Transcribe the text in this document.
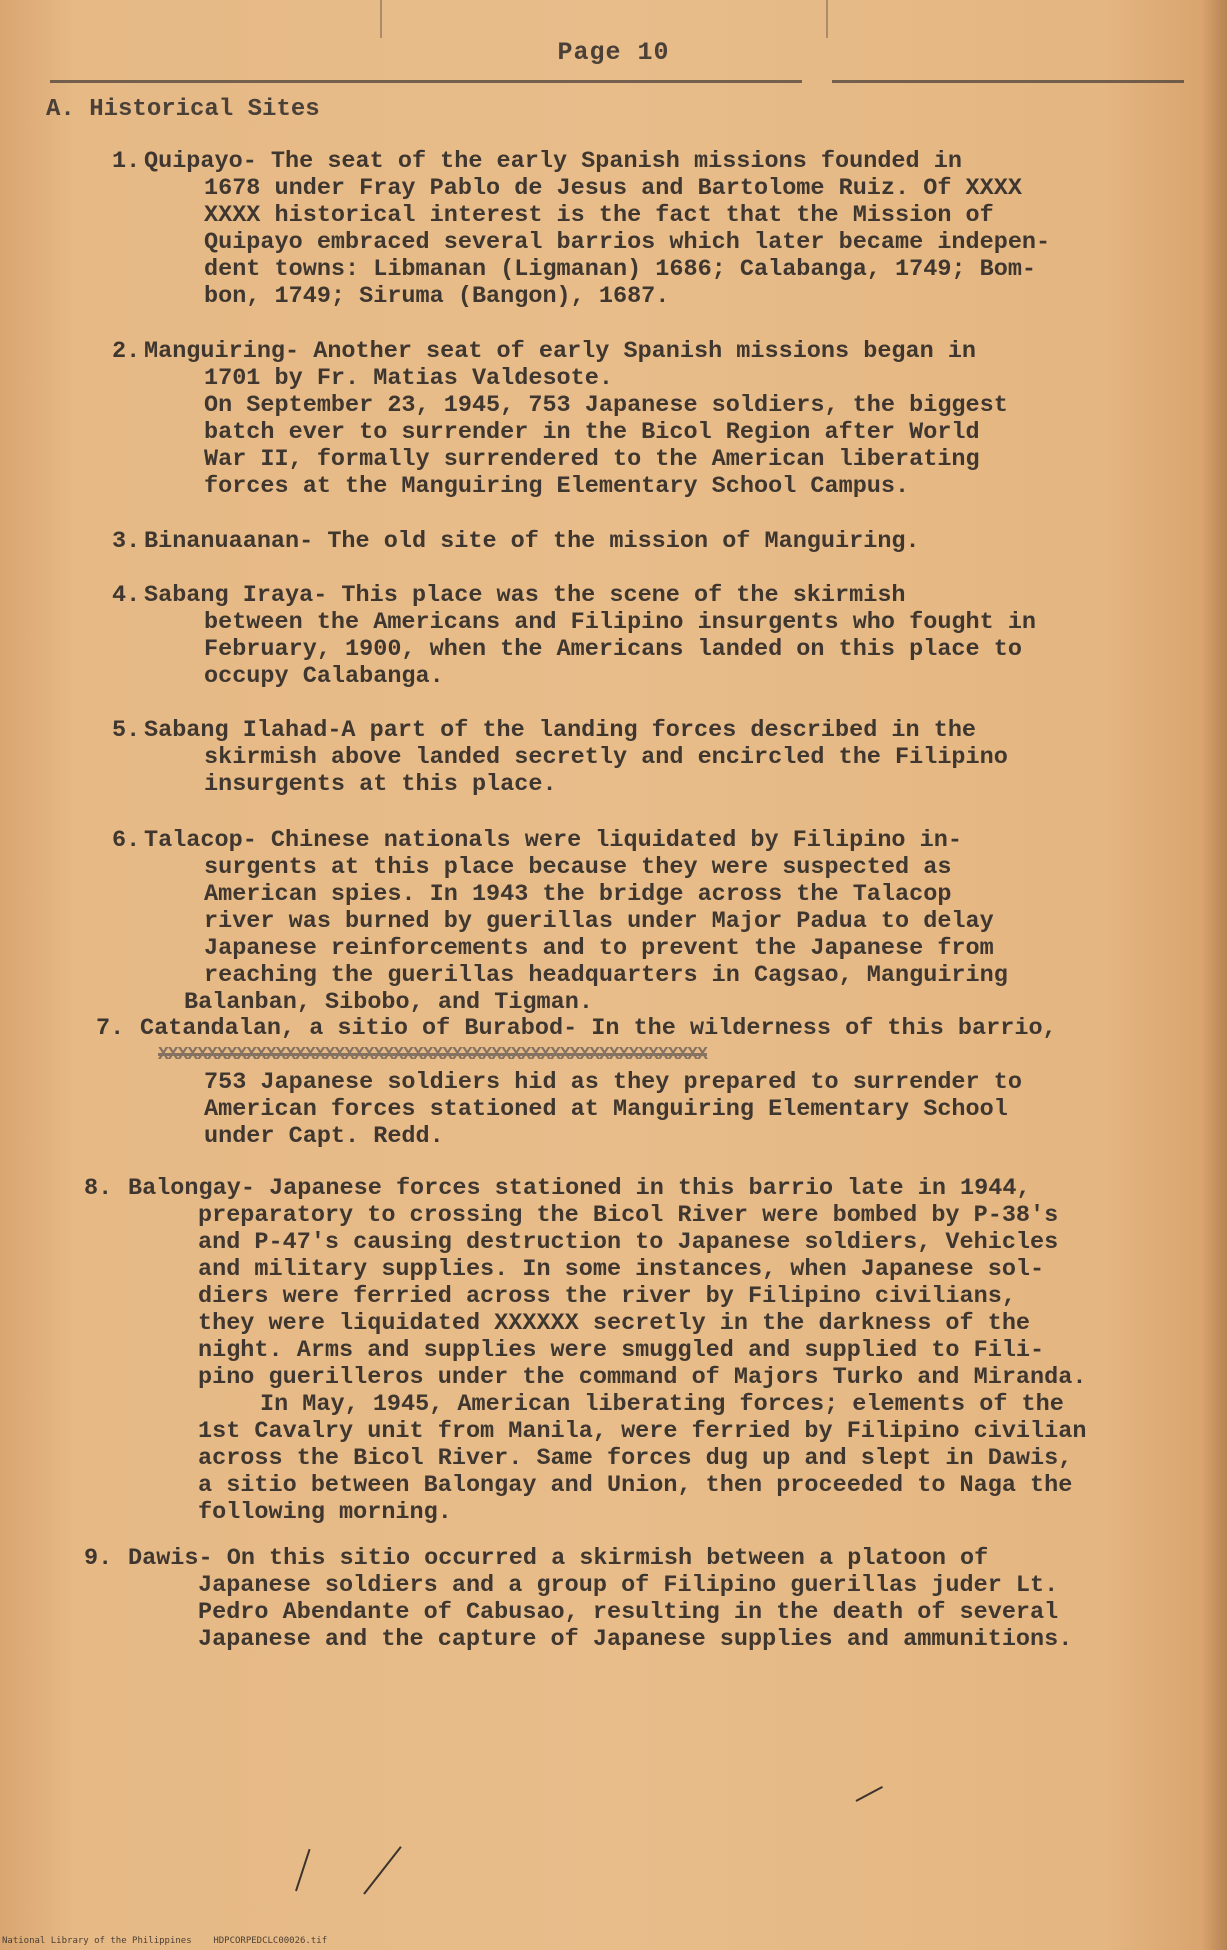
Page 10
A. Historical Sites
1. Quipayo- The seat of the early Spanish missions founded in

1678 under Fray Pablo de Jesus and Bartolome Ruiz. Of XXXX

XXXX historical interest is the fact that the Mission of

Quipayo embraced several barrios which later became indepen-

dent towns: Libmanan (Ligmanan) 1686; Calabanga, 1749; Bom-

bon, 1749; Siruma (Bangon), 1687.

2. Manguiring- Another seat of early Spanish missions began in

1701 by Fr. Matias Valdesote.

On September 23, 1945, 753 Japanese soldiers, the biggest

batch ever to surrender in the Bicol Region after World

War II, formally surrendered to the American liberating

forces at the Manguiring Elementary School Campus.

3. Binanuaanan- The old site of the mission of Manguiring.

4. Sabang Iraya- This place was the scene of the skirmish

between the Americans and Filipino insurgents who fought in

February, 1900, when the Americans landed on this place to

occupy Calabanga.

5. Sabang Ilahad-A part of the landing forces described in the

skirmish above landed secretly and encircled the Filipino

insurgents at this place.

6. Talacop- Chinese nationals were liquidated by Filipino in-

surgents at this place because they were suspected as

American spies. In 1943 the bridge across the Talacop

river was burned by guerillas under Major Padua to delay

Japanese reinforcements and to prevent the Japanese from

reaching the guerillas headquarters in Cagsao, Manguiring

Balanban, Sibobo, and Tigman.

7. Catandalan, a sitio of Burabod- In the wilderness of this barrio,

XXXXXXXXXXXXXXXXXXXXXXXXXXXXXXXXXXXXXXXXXXXXXXXXXXXXXXXX

753 Japanese soldiers hid as they prepared to surrender to

American forces stationed at Manguiring Elementary School

under Capt. Redd.

8. Balongay- Japanese forces stationed in this barrio late in 1944,

preparatory to crossing the Bicol River were bombed by P-38's

and P-47's causing destruction to Japanese soldiers, Vehicles

and military supplies. In some instances, when Japanese sol-

diers were ferried across the river by Filipino civilians,

they were liquidated XXXXXX secretly in the darkness of the

night. Arms and supplies were smuggled and supplied to Fili-

pino guerilleros under the command of Majors Turko and Miranda.

In May, 1945, American liberating forces; elements of the

1st Cavalry unit from Manila, were ferried by Filipino civilian

across the Bicol River. Same forces dug up and slept in Dawis,

a sitio between Balongay and Union, then proceeded to Naga the

following morning.

9. Dawis- On this sitio occurred a skirmish between a platoon of

Japanese soldiers and a group of Filipino guerillas juder Lt.

Pedro Abendante of Cabusao, resulting in the death of several

Japanese and the capture of Japanese supplies and ammunitions.

National Library of the Philippines    HDPCORPEDCLC00026.tif
